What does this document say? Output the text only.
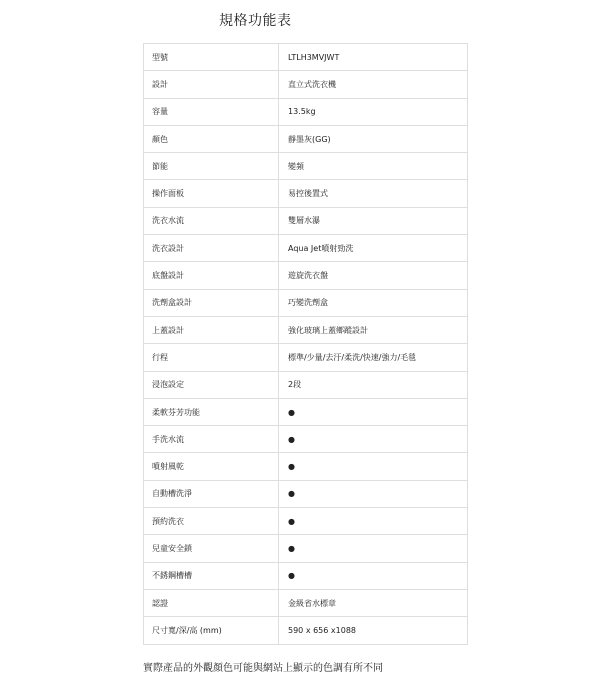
規格功能表
型號	LTLH3MVJWT
設計	直立式洗衣機
容量	13.5kg
顏色	靜墨灰(GG)
節能	變頻
操作面板	易控後置式
洗衣水流	雙層水瀑
洗衣設計	Aqua Jet噴射勁洗
底盤設計	遊旋洗衣盤
洗劑盒設計	巧變洗劑盒
上蓋設計	強化玻璃上蓋鄉蹤設計
行程	標準/少量/去汙/柔洗/快速/強力/毛毯
浸泡設定	2段
柔軟芬芳功能	●
手洗水流	●
噴射風乾	●
自動槽洗淨	●
預約洗衣	●
兒童安全鎖	●
不銹鋼槽槽	●
認證	金級省水標章
尺寸寬/深/高 (mm)	590 x 656 x1088
實際產品的外觀顏色可能與網站上顯示的色調有所不同
